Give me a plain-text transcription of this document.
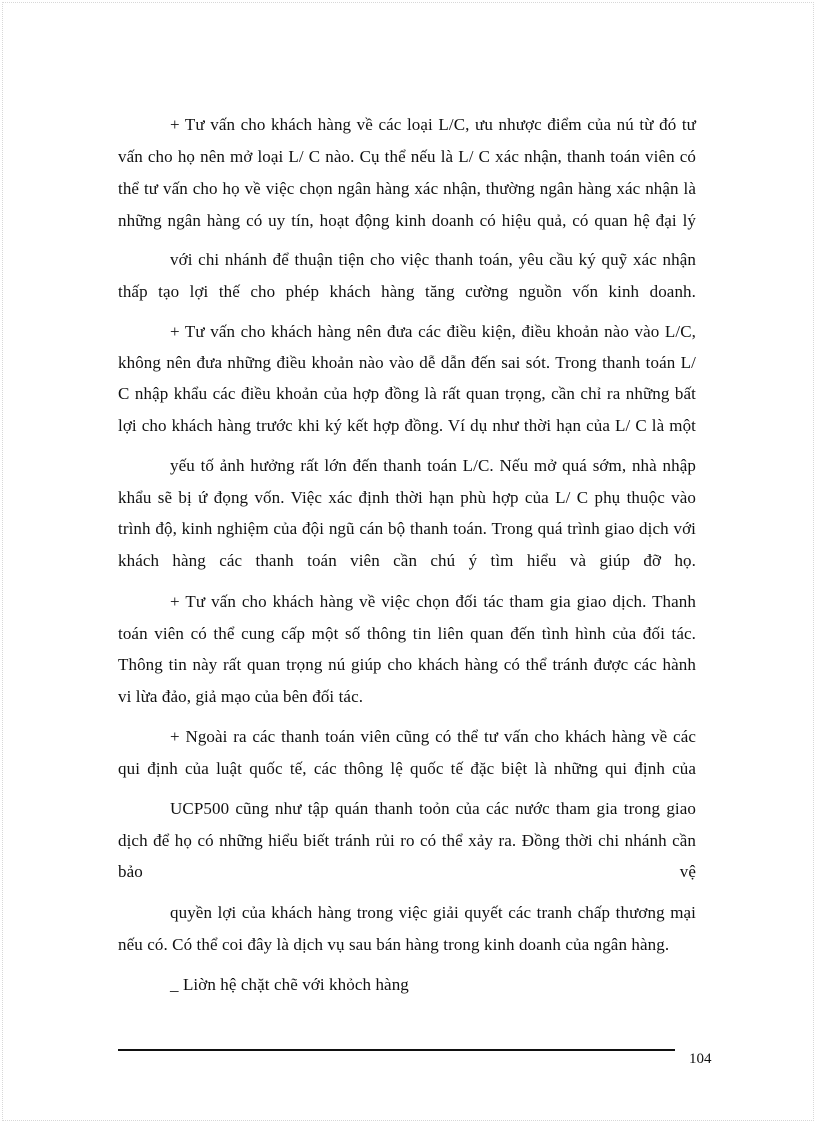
+ Tư vấn cho khách hàng về các loại L/C, ưu nhược điểm của nú từ đó tư
vấn cho họ nên mở loại L/ C nào. Cụ thể nếu là L/ C xác nhận, thanh toán viên có
thể tư vấn cho họ về việc chọn ngân hàng xác nhận, thường ngân hàng xác nhận là
những ngân hàng có uy tín, hoạt động kinh doanh có hiệu quả, có quan hệ đại lý
với chi nhánh để thuận tiện cho việc thanh toán, yêu cầu ký quỹ xác nhận
thấp tạo lợi thế cho phép khách hàng tăng cường nguồn vốn kinh doanh.
+ Tư vấn cho khách hàng nên đưa các điều kiện, điều khoản nào vào L/C,
không nên đưa những điều khoản nào vào dễ dẫn đến sai sót. Trong thanh toán L/
C nhập khẩu các điều khoản của hợp đồng là rất quan trọng, cần chỉ ra những bất
lợi cho khách hàng trước khi ký kết hợp đồng. Ví dụ như thời hạn của L/ C là một
yếu tố ảnh hưởng rất lớn đến thanh toán L/C. Nếu mở quá sớm, nhà nhập
khẩu sẽ bị ứ đọng vốn. Việc xác định thời hạn phù hợp của L/ C phụ thuộc vào
trình độ, kinh nghiệm của đội ngũ cán bộ thanh toán. Trong quá trình giao dịch với
khách hàng các thanh toán viên cần chú ý tìm hiểu và giúp đỡ họ.
+ Tư vấn cho khách hàng về việc chọn đối tác tham gia giao dịch. Thanh
toán viên có thể cung cấp một số thông tin liên quan đến tình hình của đối tác.
Thông tin này rất quan trọng nú giúp cho khách hàng có thể tránh được các hành
vi lừa đảo, giả mạo của bên đối tác.
+ Ngoài ra các thanh toán viên cũng có thể tư vấn cho khách hàng về các
qui định của luật quốc tế, các thông lệ quốc tế đặc biệt là những qui định của
UCP500 cũng như tập quán thanh toỏn của các nước tham gia trong giao
dịch để họ có những hiểu biết tránh rủi ro có thể xảy ra. Đồng thời chi nhánh cần
bảo vệ
quyền lợi của khách hàng trong việc giải quyết các tranh chấp thương mại
nếu có. Có thể coi đây là dịch vụ sau bán hàng trong kinh doanh của ngân hàng.
_ Liờn hệ chặt chẽ với khỏch hàng
104
